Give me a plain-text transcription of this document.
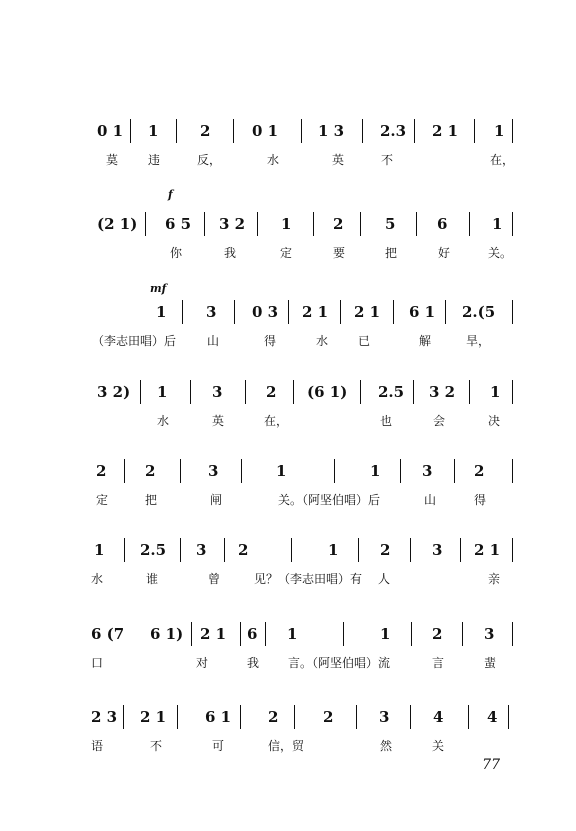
0 1 1	2	0 1	1 3 2.3 2 1 1
莫 违	反，	水	英	不	在，
f
(2 1) 6 5 3 2 1	2	5	6	1
你	我	定	要	把	好	关。
mf
1	3 0 3 2 1 2 1 6 1 2.(5
（李志田唱）后	山	得	水 已	解	旱，
3 2) 1	3	2 (6 1) 2.5 3 2 1
水	英	在，	也	会	决
2	2	3	1	1	3	2
定	把	闸	关。（阿坚伯唱）后	山	得
1 2.5 3 2	1	2	3 2 1
水	谁	曾	见？（李志田唱）有 人	亲
6 (7 6 1) 2 1 6 1	1	2	3
口	对	我 言。（阿坚伯唱）流	言	蜚
2 3 2 1	6 1 2	2	3	4	4
语	不	可	信，贸	然	关
77
